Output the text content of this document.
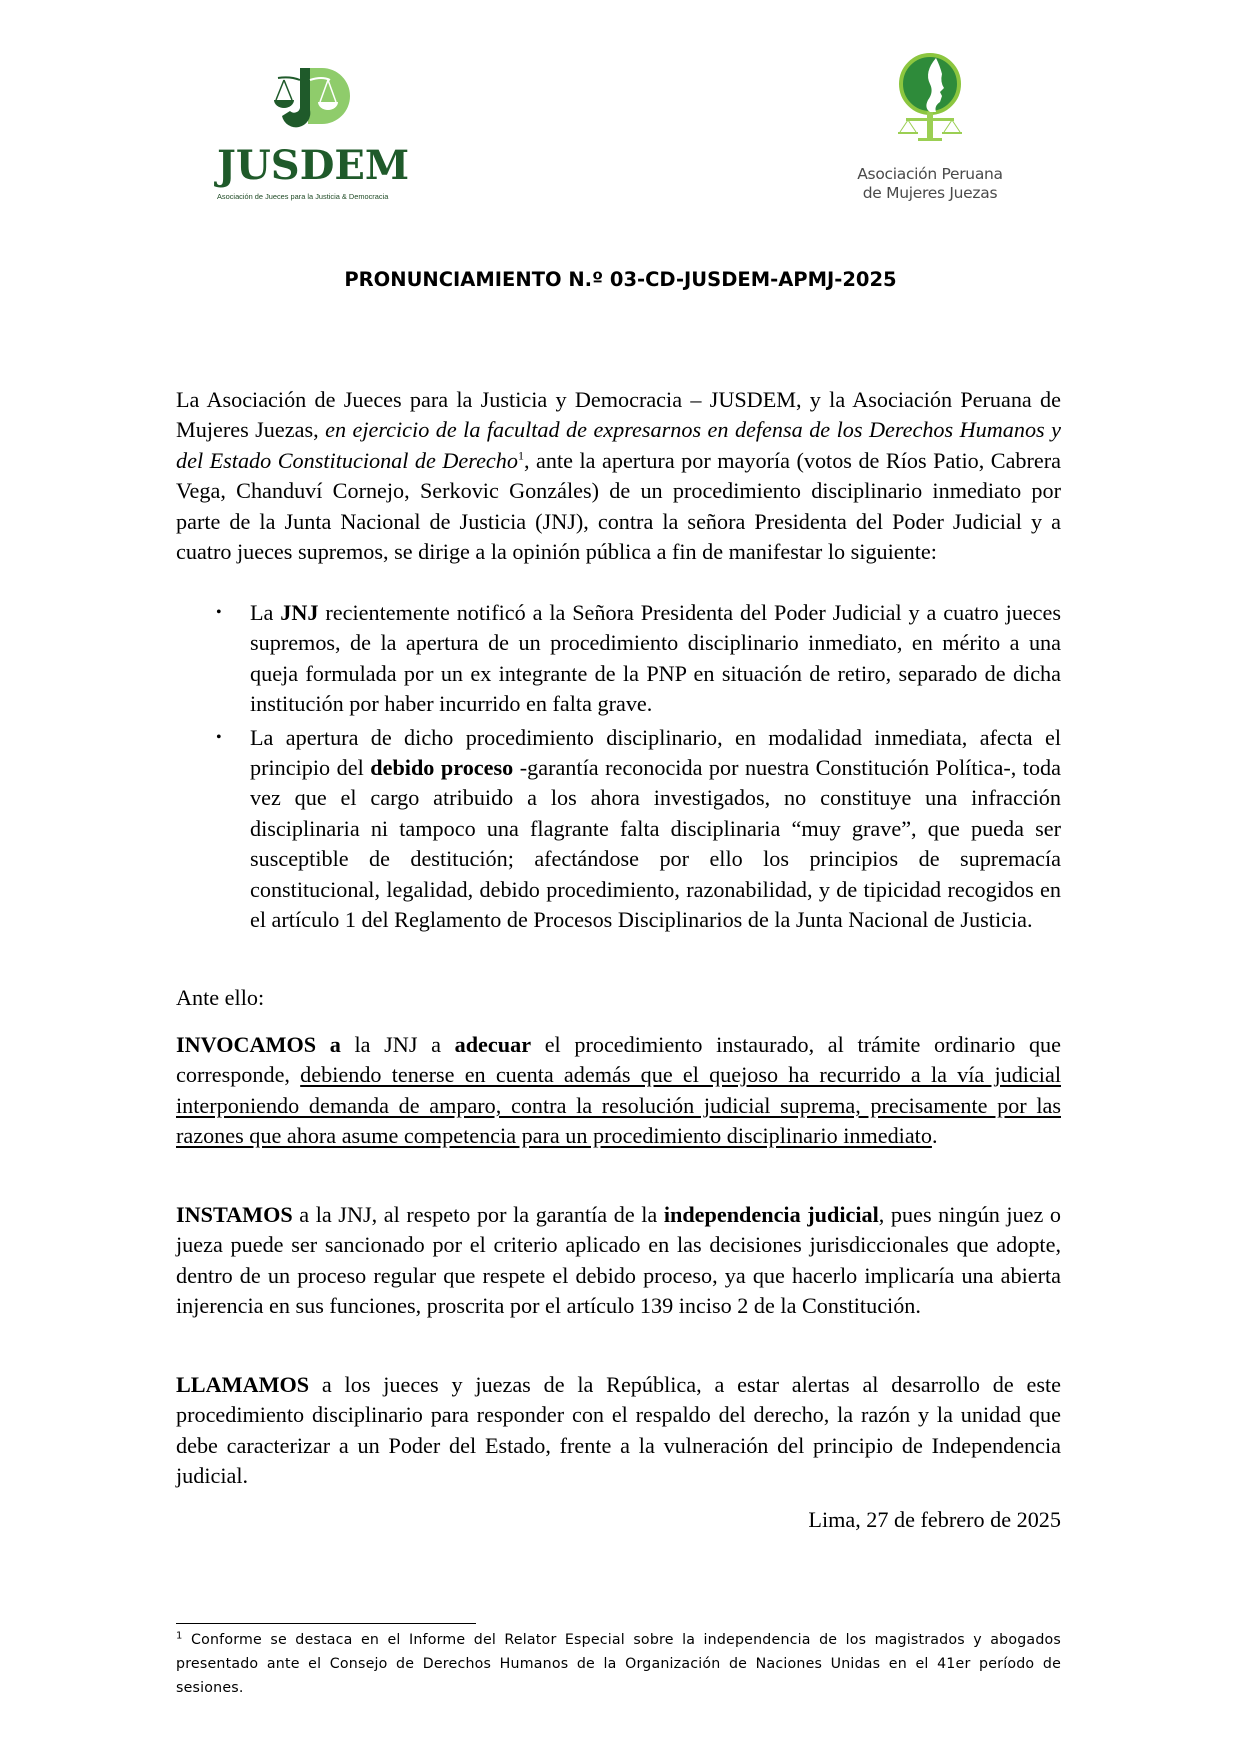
JUSDEM
Asociación de Jueces para la Justicia & Democracia
Asociación Peruana
de Mujeres Juezas
PRONUNCIAMIENTO N.º 03-CD-JUSDEM-APMJ-2025

La Asociación de Jueces para la Justicia y Democracia – JUSDEM, y la Asociación Peruana de Mujeres Juezas, en ejercicio de la facultad de expresarnos en defensa de los Derechos Humanos y del Estado Constitucional de Derecho$^1$, ante la apertura por mayoría (votos de Ríos Patio, Cabrera Vega, Chanduví Cornejo, Serkovic Gonzáles) de un procedimiento disciplinario inmediato por parte de la Junta Nacional de Justicia (JNJ), contra la señora Presidenta del Poder Judicial y a cuatro jueces supremos, se dirige a la opinión pública a fin de manifestar lo siguiente:

• La JNJ recientemente notificó a la Señora Presidenta del Poder Judicial y a cuatro jueces supremos, de la apertura de un procedimiento disciplinario inmediato, en mérito a una queja formulada por un ex integrante de la PNP en situación de retiro, separado de dicha institución por haber incurrido en falta grave.
• La apertura de dicho procedimiento disciplinario, en modalidad inmediata, afecta el principio del debido proceso -garantía reconocida por nuestra Constitución Política-, toda vez que el cargo atribuido a los ahora investigados, no constituye una infracción disciplinaria ni tampoco una flagrante falta disciplinaria “muy grave”, que pueda ser susceptible de destitución; afectándose por ello los principios de supremacía constitucional, legalidad, debido procedimiento, razonabilidad, y de tipicidad recogidos en el artículo 1 del Reglamento de Procesos Disciplinarios de la Junta Nacional de Justicia.

Ante ello:

INVOCAMOS a la JNJ a adecuar el procedimiento instaurado, al trámite ordinario que corresponde, debiendo tenerse en cuenta además que el quejoso ha recurrido a la vía judicial interponiendo demanda de amparo, contra la resolución judicial suprema, precisamente por las razones que ahora asume competencia para un procedimiento disciplinario inmediato.

INSTAMOS a la JNJ, al respeto por la garantía de la independencia judicial, pues ningún juez o jueza puede ser sancionado por el criterio aplicado en las decisiones jurisdiccionales que adopte, dentro de un proceso regular que respete el debido proceso, ya que hacerlo implicaría una abierta injerencia en sus funciones, proscrita por el artículo 139 inciso 2 de la Constitución.

LLAMAMOS a los jueces y juezas de la República, a estar alertas al desarrollo de este procedimiento disciplinario para responder con el respaldo del derecho, la razón y la unidad que debe caracterizar a un Poder del Estado, frente a la vulneración del principio de Independencia judicial.

Lima, 27 de febrero de 2025
$^1$ Conforme se destaca en el Informe del Relator Especial sobre la independencia de los magistrados y abogados presentado ante el Consejo de Derechos Humanos de la Organización de Naciones Unidas en el 41er período de sesiones.
